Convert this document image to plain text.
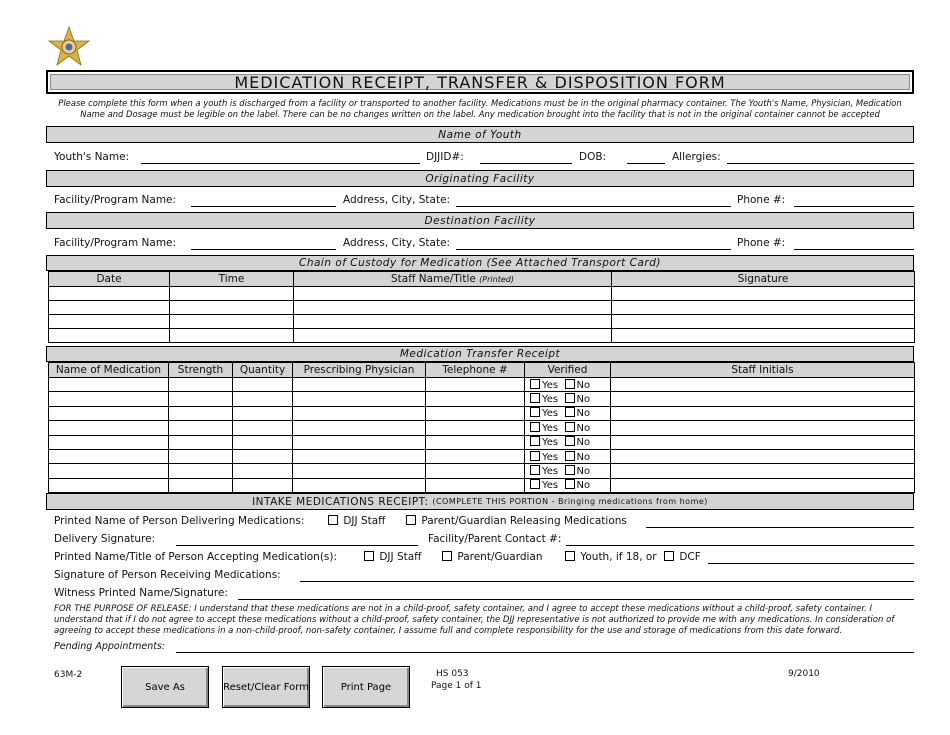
MEDICATION RECEIPT, TRANSFER & DISPOSITION FORM
Please complete this form when a youth is discharged from a facility or transported to another facility. Medications must be in the original pharmacy container. The Youth's Name, Physician, Medication Name and Dosage must be legible on the label. There can be no changes written on the label. Any medication brought into the facility that is not in the original container cannot be accepted
Name of Youth
Youth's Name:	DJJID#:	DOB:	Allergies:
Originating Facility
Facility/Program Name:	Address, City, State:	Phone #:
Destination Facility
Facility/Program Name:	Address, City, State:	Phone #:
Chain of Custody for Medication (See Attached Transport Card)
Date	Time	Staff Name/Title (Printed)	Signature

Medication Transfer Receipt
Name of Medication	Strength	Quantity	Prescribing Physician	Telephone #	Verified	Staff Initials
					Yes No	
					Yes No	
					Yes No	
					Yes No	
					Yes No	
					Yes No	
					Yes No	
					Yes No	
INTAKE MEDICATIONS RECEIPT:
(COMPLETE THIS PORTION - Bringing medications from home)
Printed Name of Person Delivering Medications:	DJJ Staff	Parent/Guardian Releasing Medications
Delivery Signature:	Facility/Parent Contact #:
Printed Name/Title of Person Accepting Medication(s):	DJJ Staff	Parent/Guardian	Youth, if 18, or	DCF
Signature of Person Receiving Medications:
Witness Printed Name/Signature:
FOR THE PURPOSE OF RELEASE: I understand that these medications are not in a child-proof, safety container, and I agree to accept these medications without a child-proof, safety container. I understand that if I do not agree to accept these medications without a child-proof, safety container, the DJJ representative is not authorized to provide me with any medications. In consideration of agreeing to accept these medications in a non-child-proof, non-safety container, I assume full and complete responsibility for the use and storage of medications from this date forward.
Pending Appointments:
63M-2
Save As	Reset/Clear Form	Print Page
HS 053
Page 1 of 1
9/2010
